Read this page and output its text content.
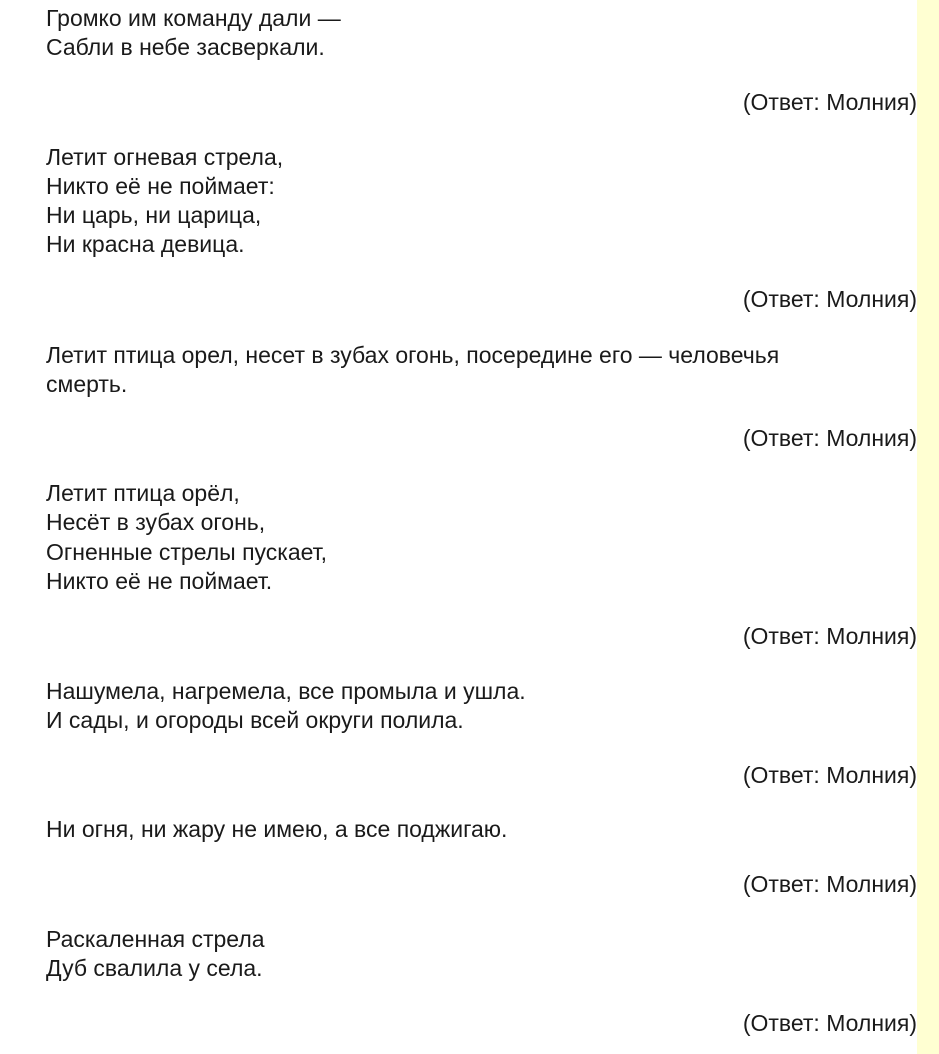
Громко им команду дали —

Сабли в небе засверкали.

(Ответ: Молния)

Летит огневая стрела,

Никто её не поймает:

Ни царь, ни царица,

Ни красна девица.

(Ответ: Молния)

Летит птица орел, несет в зубах огонь, посередине его — человечья

смерть.

(Ответ: Молния)

Летит птица орёл,

Несёт в зубах огонь,

Огненные стрелы пускает,

Никто её не поймает.

(Ответ: Молния)

Нашумела, нагремела, все промыла и ушла.

И сады, и огороды всей округи полила.

(Ответ: Молния)

Ни огня, ни жару не имею, а все поджигаю.

(Ответ: Молния)

Раскаленная стрела

Дуб свалила у села.

(Ответ: Молния)
